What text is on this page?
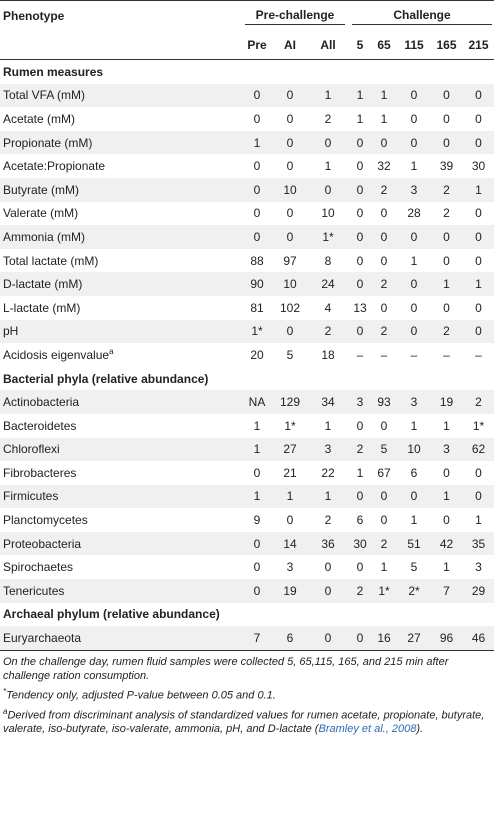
Phenotype	Pre-challenge			Challenge				
	Pre	AI	All	5	65	115	165	215
Rumen measures								
Total VFA (mM)	0	0	1	1	1	0	0	0
Acetate (mM)	0	0	2	1	1	0	0	0
Propionate (mM)	1	0	0	0	0	0	0	0
Acetate:Propionate	0	0	1	0	32	1	39	30
Butyrate (mM)	0	10	0	0	2	3	2	1
Valerate (mM)	0	0	10	0	0	28	2	0
Ammonia (mM)	0	0	1*	0	0	0	0	0
Total lactate (mM)	88	97	8	0	0	1	0	0
D-lactate (mM)	90	10	24	0	2	0	1	1
L-lactate (mM)	81	102	4	13	0	0	0	0
pH	1*	0	2	0	2	0	2	0
Acidosis eigenvalue$^a$	20	5	18	–	–	–	–	–
Bacterial phyla (relative abundance)								
Actinobacteria	NA	129	34	3	93	3	19	2
Bacteroidetes	1	1*	1	0	0	1	1	1*
Chloroflexi	1	27	3	2	5	10	3	62
Fibrobacteres	0	21	22	1	67	6	0	0
Firmicutes	1	1	1	0	0	0	1	0
Planctomycetes	9	0	2	6	0	1	0	1
Proteobacteria	0	14	36	30	2	51	42	35
Spirochaetes	0	3	0	0	1	5	1	3
Tenericutes	0	19	0	2	1*	2*	7	29
Archaeal phylum (relative abundance)								
Euryarchaeota	7	6	0	0	16	27	96	46

On the challenge day, rumen fluid samples were collected 5, 65,115, 165, and 215 min after challenge ration consumption.

*Tendency only, adjusted P-value between 0.05 and 0.1.

$^a$Derived from discriminant analysis of standardized values for rumen acetate, propionate, butyrate, valerate, iso-butyrate, iso-valerate, ammonia, pH, and D-lactate (Bramley et al., 2008).
